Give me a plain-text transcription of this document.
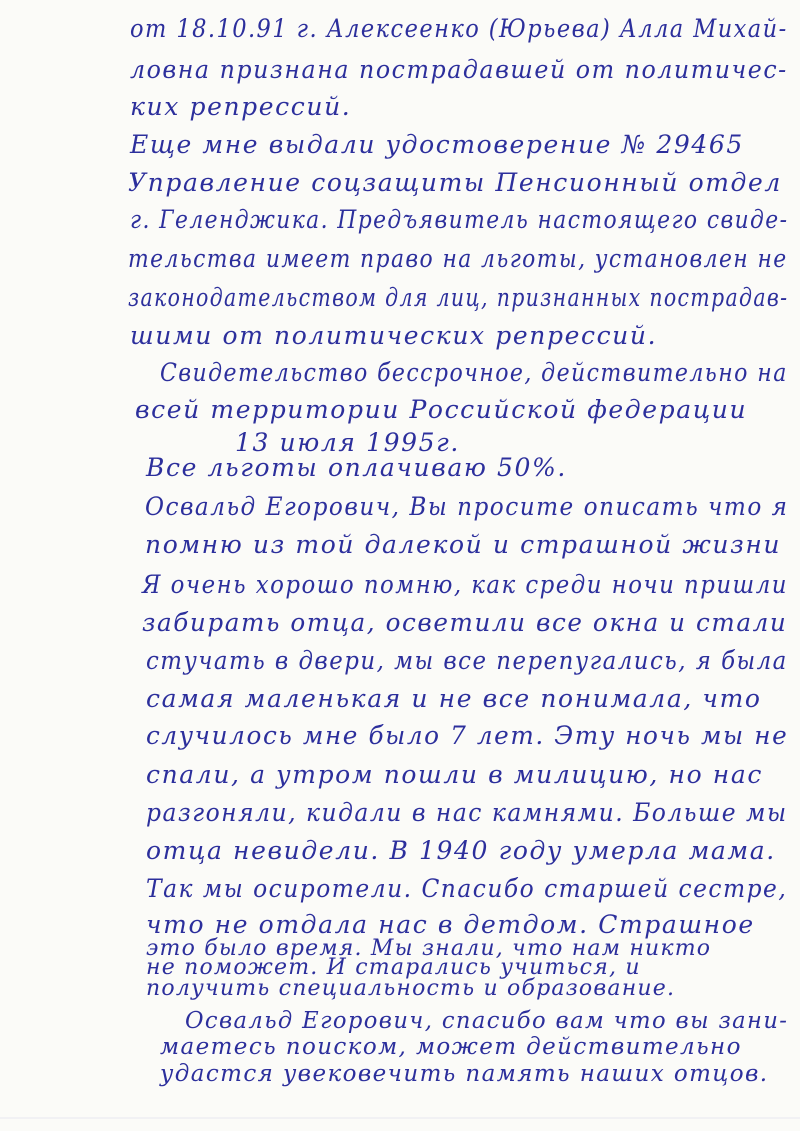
от 18.10.91 г. Алексеенко (Юрьева) Алла Михай-
ловна признана пострадавшей от политичес-
ких репрессий.
Еще мне выдали удостоверение № 29465
Управление соцзащиты Пенсионный отдел
г. Геленджика. Предъявитель настоящего свиде-
тельства имеет право на льготы, установлен не
законодательством для лиц, признанных пострадав-
шими от политических репрессий.
Свидетельство бессрочное, действительно на
всей территории Российской федерации
13 июля 1995г.
Все льготы оплачиваю 50%.
Освальд Егорович, Вы просите описать что я
помню из той далекой и страшной жизни
Я очень хорошо помню, как среди ночи пришли
забирать отца, осветили все окна и стали
стучать в двери, мы все перепугались, я была
самая маленькая и не все понимала, что
случилось мне было 7 лет. Эту ночь мы не
спали, а утром пошли в милицию, но нас
разгоняли, кидали в нас камнями. Больше мы
отца невидели. В 1940 году умерла мама.
Так мы осиротели. Спасибо старшей сестре,
что не отдала нас в детдом. Страшное
это было время. Мы знали, что нам никто
не поможет. И старались учиться, и
получить специальность и образование.
Освальд Егорович, спасибо вам что вы зани-
маетесь поиском, может действительно
удастся увековечить память наших отцов.
